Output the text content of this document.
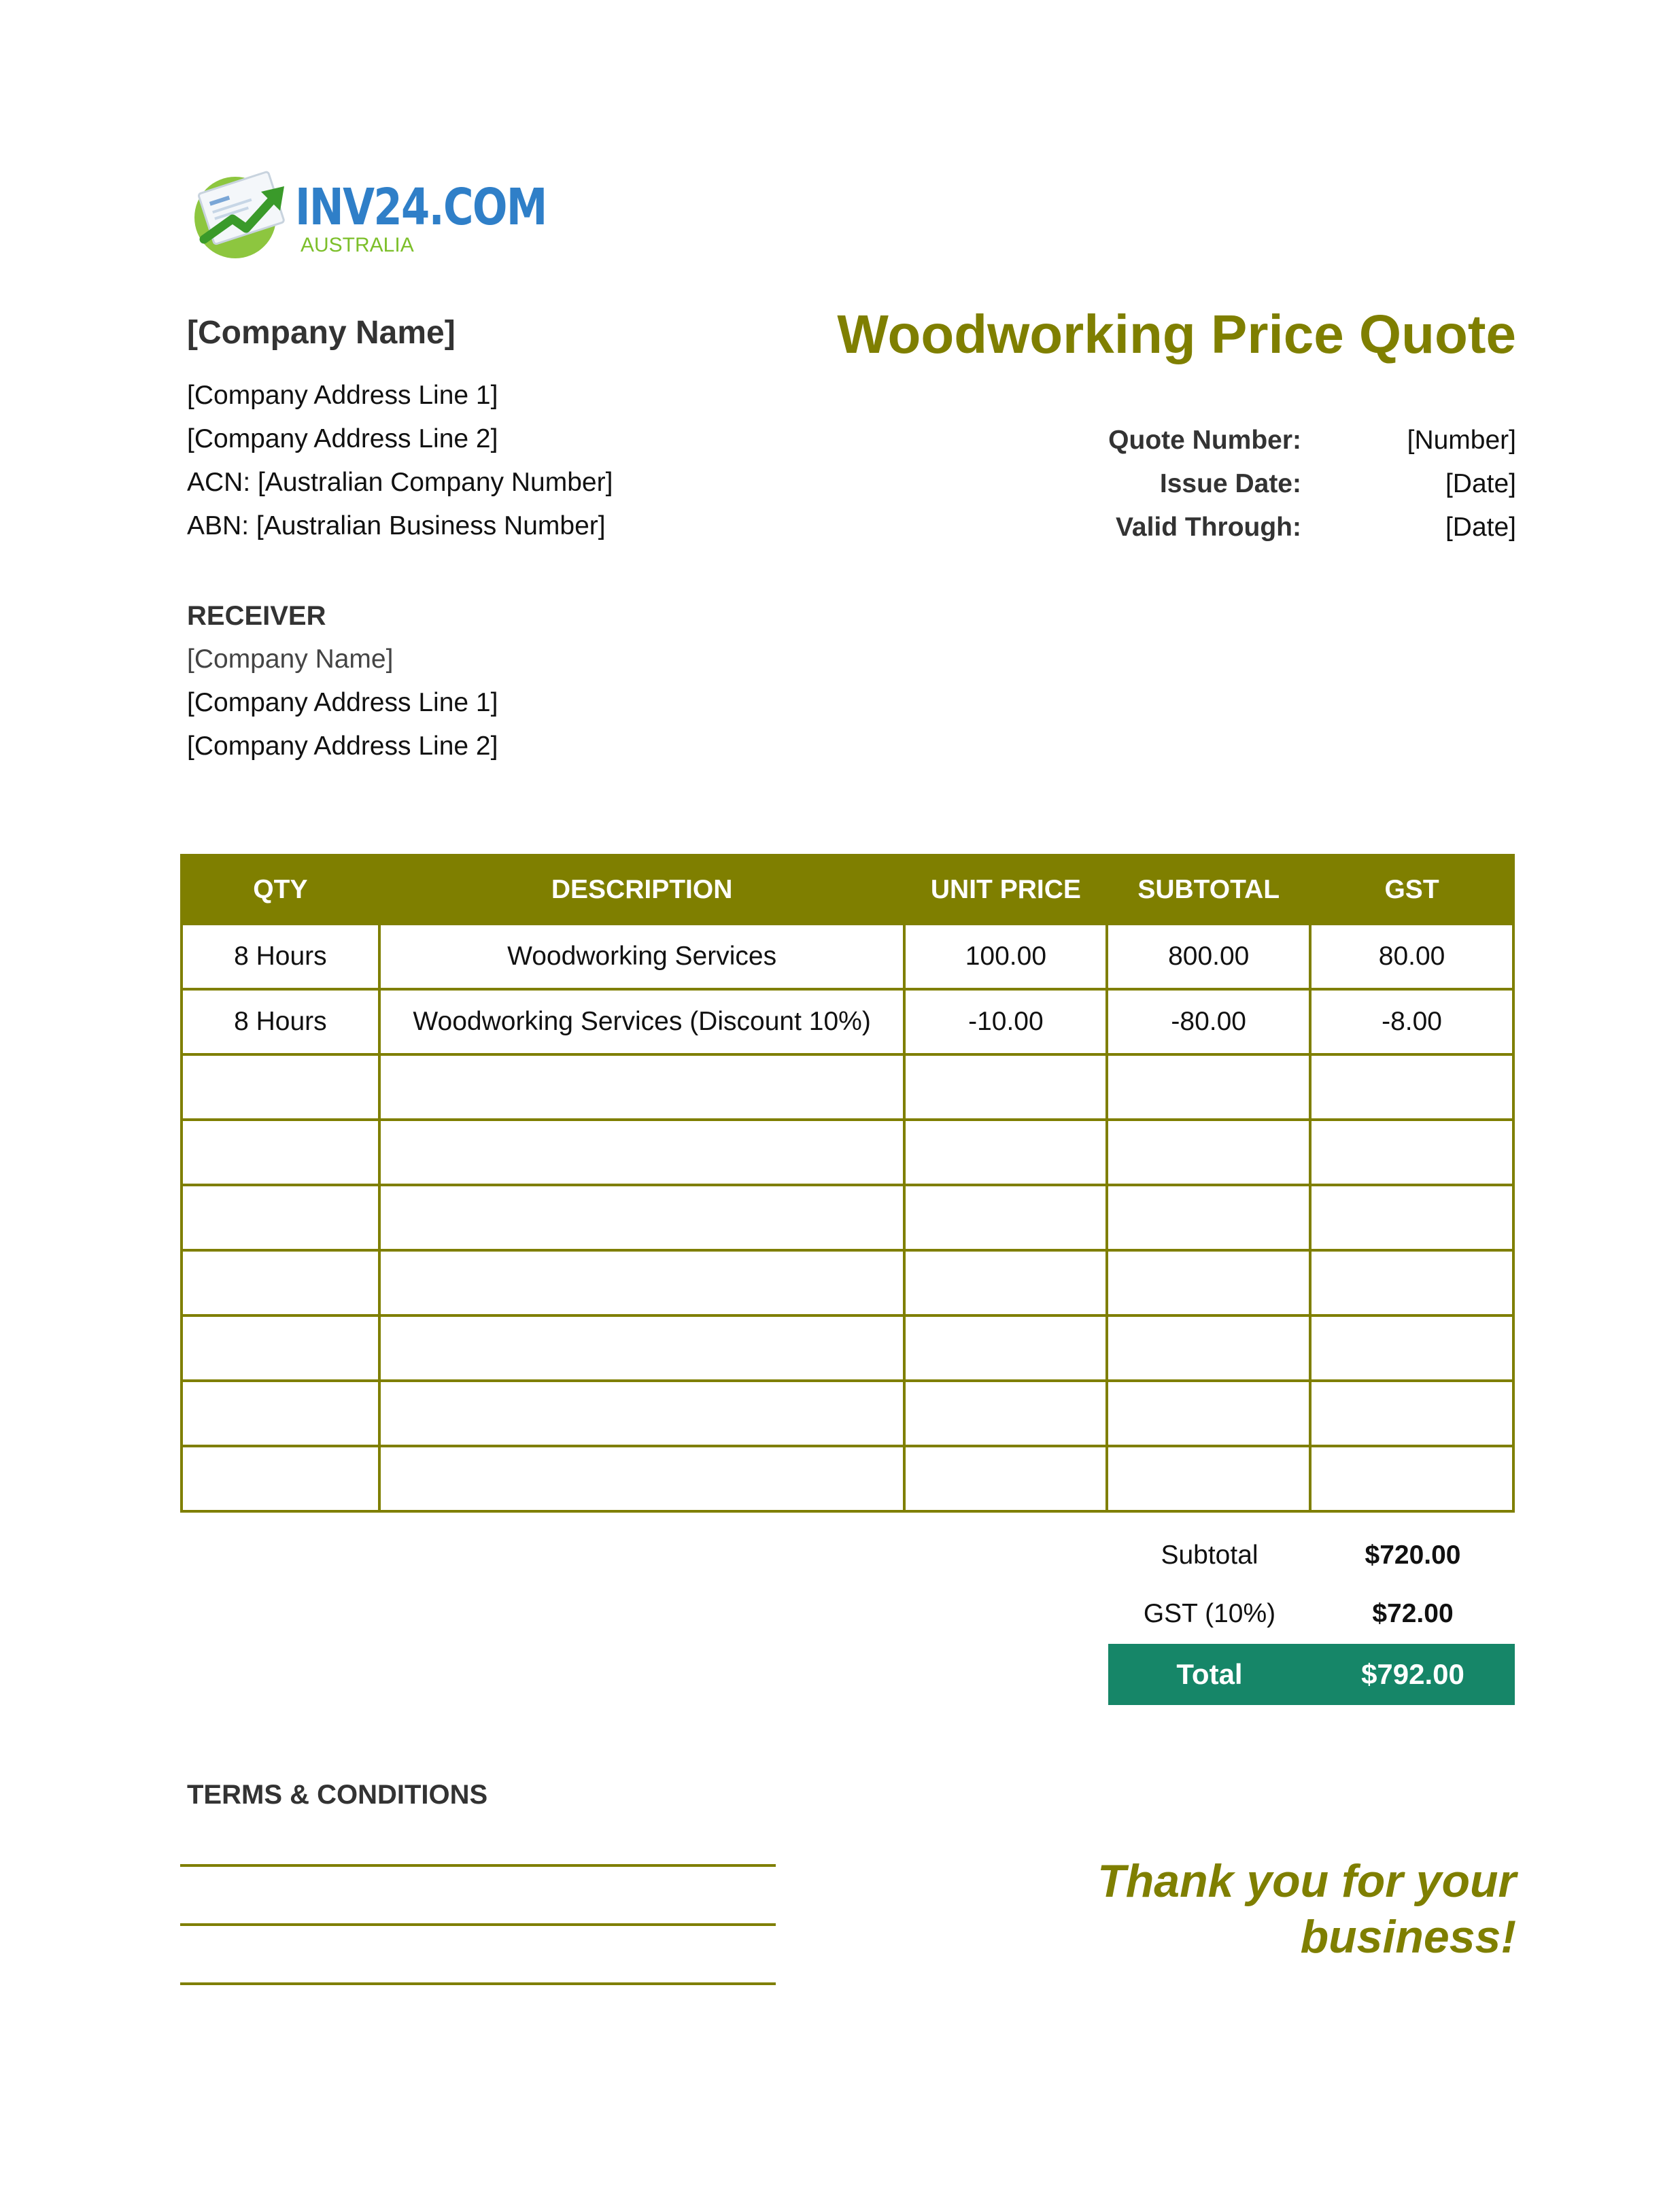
INV24.COM
AUSTRALIA
[Company Name]
[Company Address Line 1]
[Company Address Line 2]
ACN: [Australian Company Number]
ABN: [Australian Business Number]
Woodworking Price Quote
Quote Number:	[Number]
Issue Date:	[Date]
Valid Through:	[Date]
RECEIVER
[Company Name]
[Company Address Line 1]
[Company Address Line 2]
QTY	DESCRIPTION	UNIT PRICE	SUBTOTAL	GST
8 Hours	Woodworking Services	100.00	800.00	80.00
8 Hours	Woodworking Services (Discount 10%)	-10.00	-80.00	-8.00

Subtotal	$720.00
GST (10%)	$72.00
Total	$792.00
TERMS & CONDITIONS
Thank you for your
business!
